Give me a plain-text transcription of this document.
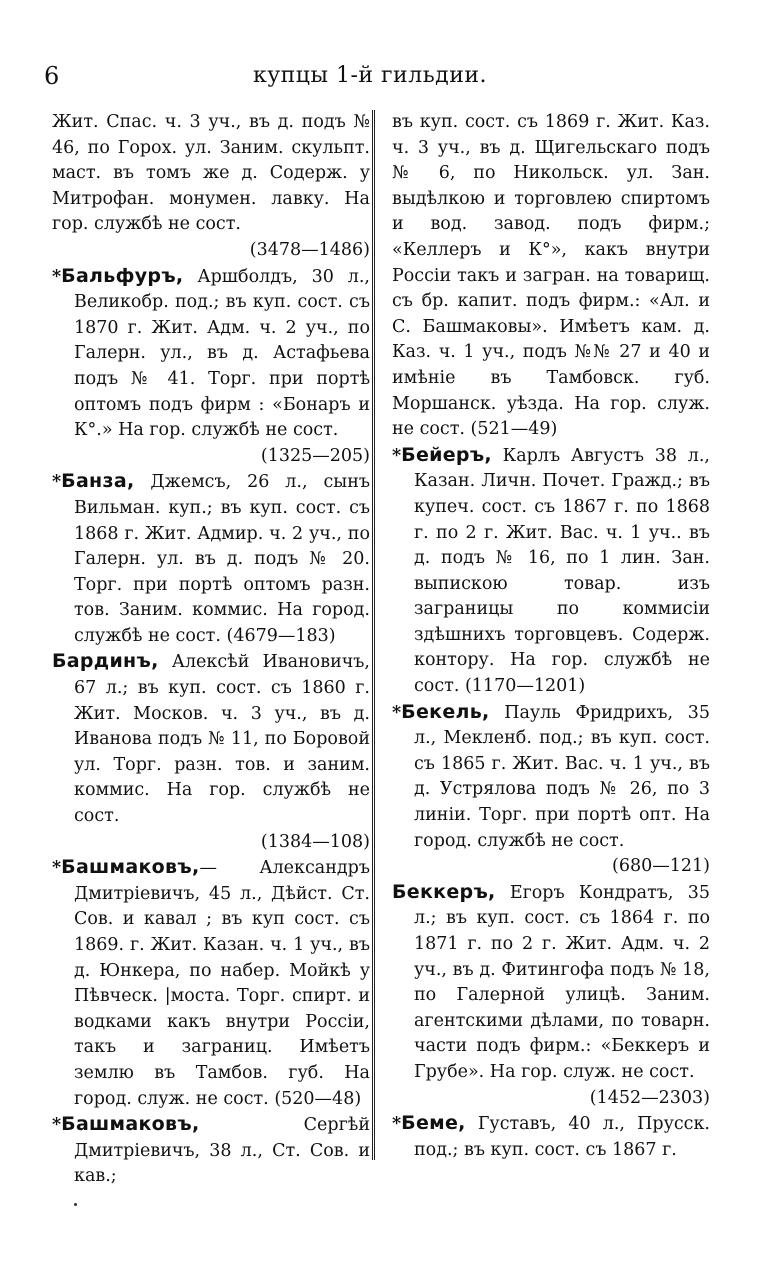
6	купцы 1-й гильдии.

Жит. Спас. ч. 3 уч., въ д. подъ № 46, по Горох. ул. Заним. скульпт. маст. въ томъ же д. Содерж. у Митрофан. монумен. лавку. На гор. службѣ не сост.
(3478—1486)

*Бальфуръ, Аршболдъ, 30 л., Великобр. под.; въ куп. сост. съ 1870 г. Жит. Адм. ч. 2 уч., по Галерн. ул., въ д. Астафьева подъ № 41. Торг. при портѣ оптомъ подъ фирм : «Бонаръ и К°.» На гор. службѣ не сост.
(1325—205)

*Банза, Джемсъ, 26 л., сынъ Вильман. куп.; въ куп. сост. съ 1868 г. Жит. Адмир. ч. 2 уч., по Галерн. ул. въ д. подъ № 20. Торг. при портѣ оптомъ разн. тов. Заним. коммис. На город. службѣ не сост. (4679—183)

Бардинъ, Алексѣй Ивановичъ, 67 л.; въ куп. сост. съ 1860 г. Жит. Москов. ч. 3 уч., въ д. Иванова подъ № 11, по Боровой ул. Торг. разн. тов. и заним. коммис. На гор. службѣ не сост.
(1384—108)

*Башмаковъ,— Александръ Дмитріевичъ, 45 л., Дѣйст. Ст. Сов. и кавал ; въ куп сост. съ 1869. г. Жит. Казан. ч. 1 уч., въ д. Юнкера, по набер. Мойкѣ у Пѣвческ. |моста. Торг. спирт. и водками какъ внутри Россіи, такъ и заграниц. Имѣетъ землю въ Тамбов. губ. На город. служ. не сост. (520—48)

*Башмаковъ, Сергѣй Дмитріевичъ, 38 л., Ст. Сов. и кав.;

въ куп. сост. съ 1869 г. Жит. Каз. ч. 3 уч., въ д. Щигельскаго подъ № 6, по Никольск. ул. Зан. выдѣлкою и торговлею спиртомъ и вод. завод. подъ фирм.; «Келлеръ и К°», какъ внутри Россіи такъ и загран. на товарищ. съ бр. капит. подъ фирм.: «Ал. и С. Башмаковы». Имѣетъ кам. д. Каз. ч. 1 уч., подъ №№ 27 и 40 и имѣніе въ Тамбовск. губ. Моршанск. уѣзда. На гор. служ. не сост. (521—49)

*Бейеръ, Карлъ Августъ 38 л., Казан. Личн. Почет. Гражд.; въ купеч. сост. съ 1867 г. по 1868 г. по 2 г. Жит. Вас. ч. 1 уч.. въ д. подъ № 16, по 1 лин. Зан. выпискою товар. изъ заграницы по коммисіи здѣшнихъ торговцевъ. Содерж. контору. На гор. службѣ не сост. (1170—1201)

*Бекель, Пауль Фридрихъ, 35 л., Мекленб. под.; въ куп. сост. съ 1865 г. Жит. Вас. ч. 1 уч., въ д. Устрялова подъ № 26, по 3 линіи. Торг. при портѣ опт. На город. службѣ не сост.
(680—121)

Беккеръ, Егоръ Кондратъ, 35 л.; въ куп. сост. съ 1864 г. по 1871 г. по 2 г. Жит. Адм. ч. 2 уч., въ д. Фитингофа подъ № 18, по Галерной улицѣ. Заним. агентскими дѣлами, по товарн. части подъ фирм.: «Беккеръ и Грубе». На гор. служ. не сост.
(1452—2303)

*Беме, Густавъ, 40 л., Прусск. под.; въ куп. сост. съ 1867 г.
